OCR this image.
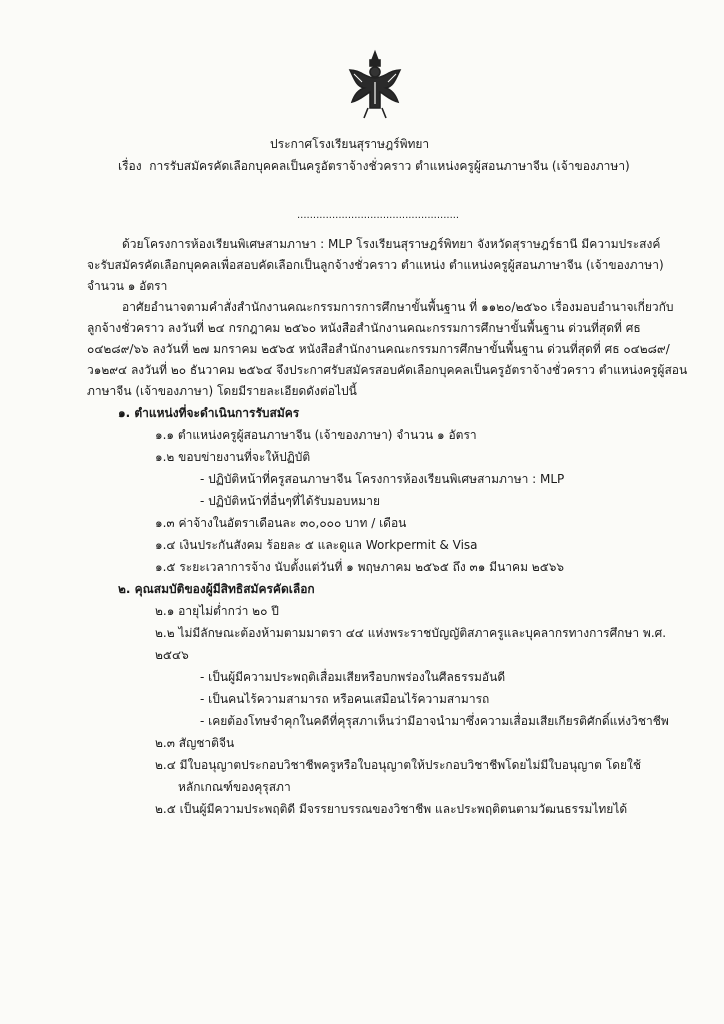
ประกาศโรงเรียนสุราษฎร์พิทยา
เรื่อง การรับสมัครคัดเลือกบุคคลเป็นครูอัตราจ้างชั่วคราว ตำแหน่งครูผู้สอนภาษาจีน (เจ้าของภาษา)
...................................................
ด้วยโครงการห้องเรียนพิเศษสามภาษา : MLP โรงเรียนสุราษฎร์พิทยา จังหวัดสุราษฎร์ธานี มีความประสงค์
จะรับสมัครคัดเลือกบุคคลเพื่อสอบคัดเลือกเป็นลูกจ้างชั่วคราว ตำแหน่ง ตำแหน่งครูผู้สอนภาษาจีน (เจ้าของภาษา)
จำนวน ๑ อัตรา
อาศัยอำนาจตามคำสั่งสำนักงานคณะกรรมการการศึกษาขั้นพื้นฐาน ที่ ๑๑๒๐/๒๕๖๐ เรื่องมอบอำนาจเกี่ยวกับ
ลูกจ้างชั่วคราว ลงวันที่ ๒๔ กรกฎาคม ๒๕๖๐ หนังสือสำนักงานคณะกรรมการศึกษาขั้นพื้นฐาน ด่วนที่สุดที่ ศธ
๐๔๒๘๙/๖๖ ลงวันที่ ๒๗ มกราคม ๒๕๖๕ หนังสือสำนักงานคณะกรรมการศึกษาขั้นพื้นฐาน ด่วนที่สุดที่ ศธ ๐๔๒๘๙/
ว๑๒๙๔ ลงวันที่ ๒๐ ธันวาคม ๒๕๖๔ จึงประกาศรับสมัครสอบคัดเลือกบุคคลเป็นครูอัตราจ้างชั่วคราว ตำแหน่งครูผู้สอน
ภาษาจีน (เจ้าของภาษา) โดยมีรายละเอียดดังต่อไปนี้
๑. ตำแหน่งที่จะดำเนินการรับสมัคร
๑.๑ ตำแหน่งครูผู้สอนภาษาจีน (เจ้าของภาษา) จำนวน ๑ อัตรา
๑.๒ ขอบข่ายงานที่จะให้ปฏิบัติ
- ปฏิบัติหน้าที่ครูสอนภาษาจีน โครงการห้องเรียนพิเศษสามภาษา : MLP
- ปฏิบัติหน้าที่อื่นๆที่ได้รับมอบหมาย
๑.๓ ค่าจ้างในอัตราเดือนละ ๓๐,๐๐๐ บาท / เดือน
๑.๔ เงินประกันสังคม ร้อยละ ๕ และดูแล Workpermit & Visa
๑.๕ ระยะเวลาการจ้าง นับตั้งแต่วันที่ ๑ พฤษภาคม ๒๕๖๕ ถึง ๓๑ มีนาคม ๒๕๖๖
๒. คุณสมบัติของผู้มีสิทธิสมัครคัดเลือก
๒.๑ อายุไม่ต่ำกว่า ๒๐ ปี
๒.๒ ไม่มีลักษณะต้องห้ามตามมาตรา ๔๔ แห่งพระราชบัญญัติสภาครูและบุคลากรทางการศึกษา พ.ศ.
๒๕๔๖
- เป็นผู้มีความประพฤติเสื่อมเสียหรือบกพร่องในศีลธรรมอันดี
- เป็นคนไร้ความสามารถ หรือคนเสมือนไร้ความสามารถ
- เคยต้องโทษจำคุกในคดีที่คุรุสภาเห็นว่ามีอาจนำมาซึ่งความเสื่อมเสียเกียรติศักดิ์แห่งวิชาชีพ
๒.๓ สัญชาติจีน
๒.๔ มีใบอนุญาตประกอบวิชาชีพครูหรือใบอนุญาตให้ประกอบวิชาชีพโดยไม่มีใบอนุญาต โดยใช้
หลักเกณฑ์ของคุรุสภา
๒.๕ เป็นผู้มีความประพฤติดี มีจรรยาบรรณของวิชาชีพ และประพฤติตนตามวัฒนธรรมไทยได้
